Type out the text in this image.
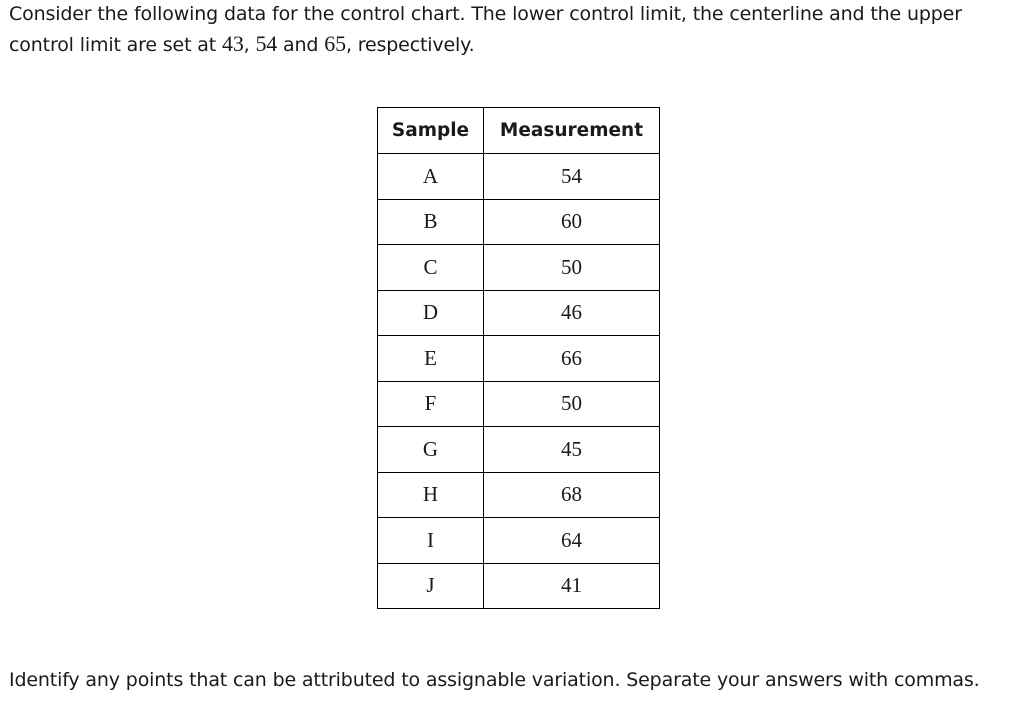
Consider the following data for the control chart. The lower control limit, the centerline and the upper control limit are set at 43, 54 and 65, respectively.
Sample	Measurement
A	54
B	60
C	50
D	46
E	66
F	50
G	45
H	68
I	64
J	41
Identify any points that can be attributed to assignable variation. Separate your answers with commas.
